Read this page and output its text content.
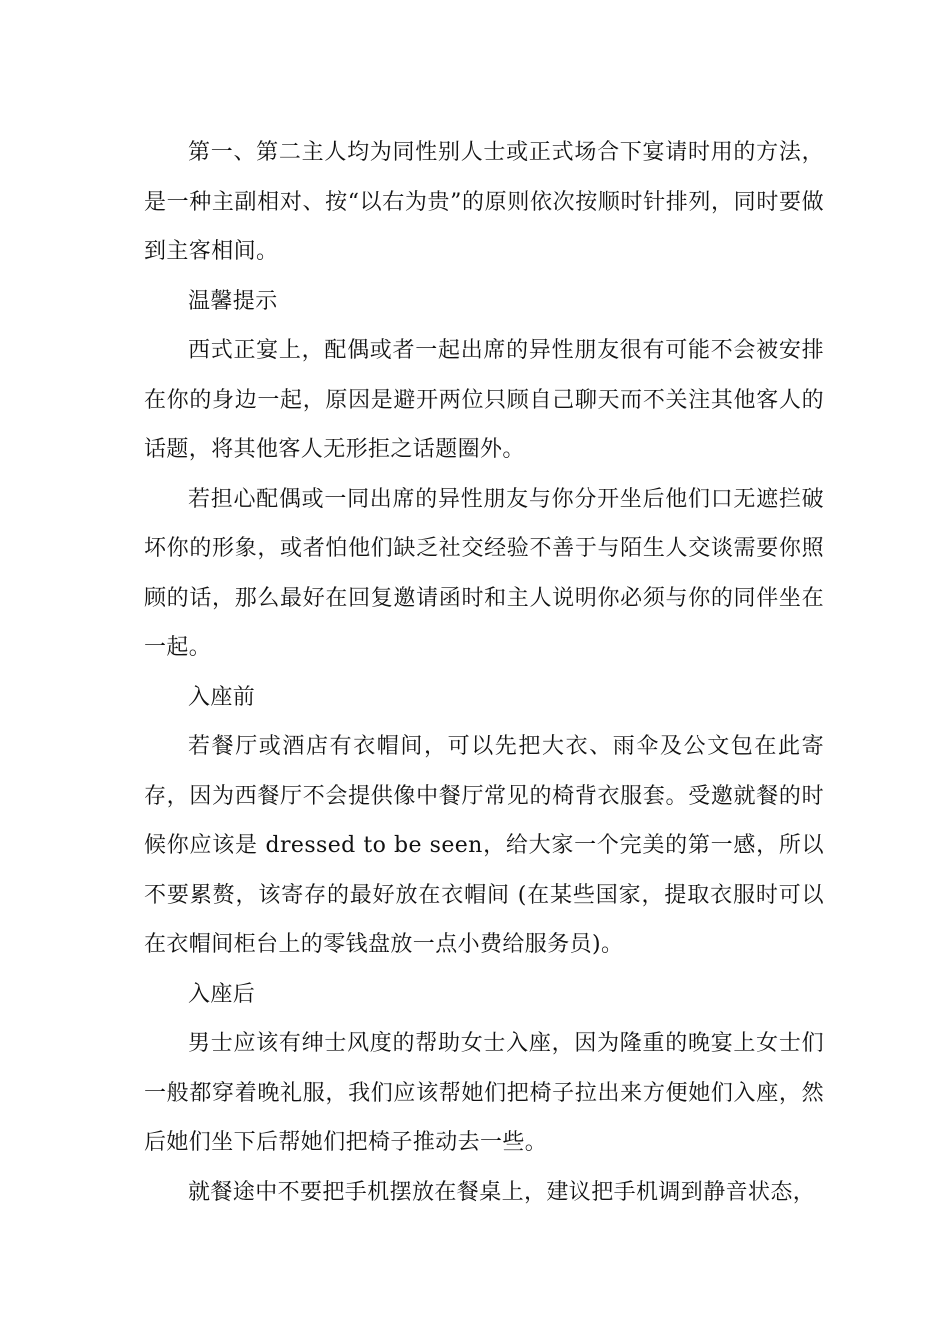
第一、第二主人均为同性别人士或正式场合下宴请时用的方法，是一种主副相对、按“以右为贵”的原则依次按顺时针排列，同时要做到主客相间。

温馨提示

西式正宴上，配偶或者一起出席的异性朋友很有可能不会被安排在你的身边一起，原因是避开两位只顾自己聊天而不关注其他客人的话题，将其他客人无形拒之话题圈外。

若担心配偶或一同出席的异性朋友与你分开坐后他们口无遮拦破坏你的形象，或者怕他们缺乏社交经验不善于与陌生人交谈需要你照顾的话，那么最好在回复邀请函时和主人说明你必须与你的同伴坐在一起。

入座前

若餐厅或酒店有衣帽间，可以先把大衣、雨伞及公文包在此寄存，因为西餐厅不会提供像中餐厅常见的椅背衣服套。受邀就餐的时候你应该是 dressed to be seen，给大家一个完美的第一感，所以不要累赘，该寄存的最好放在衣帽间 (在某些国家，提取衣服时可以在衣帽间柜台上的零钱盘放一点小费给服务员)。

入座后

男士应该有绅士风度的帮助女士入座，因为隆重的晚宴上女士们一般都穿着晚礼服，我们应该帮她们把椅子拉出来方便她们入座，然后她们坐下后帮她们把椅子推动去一些。

就餐途中不要把手机摆放在餐桌上，建议把手机调到静音状态，
